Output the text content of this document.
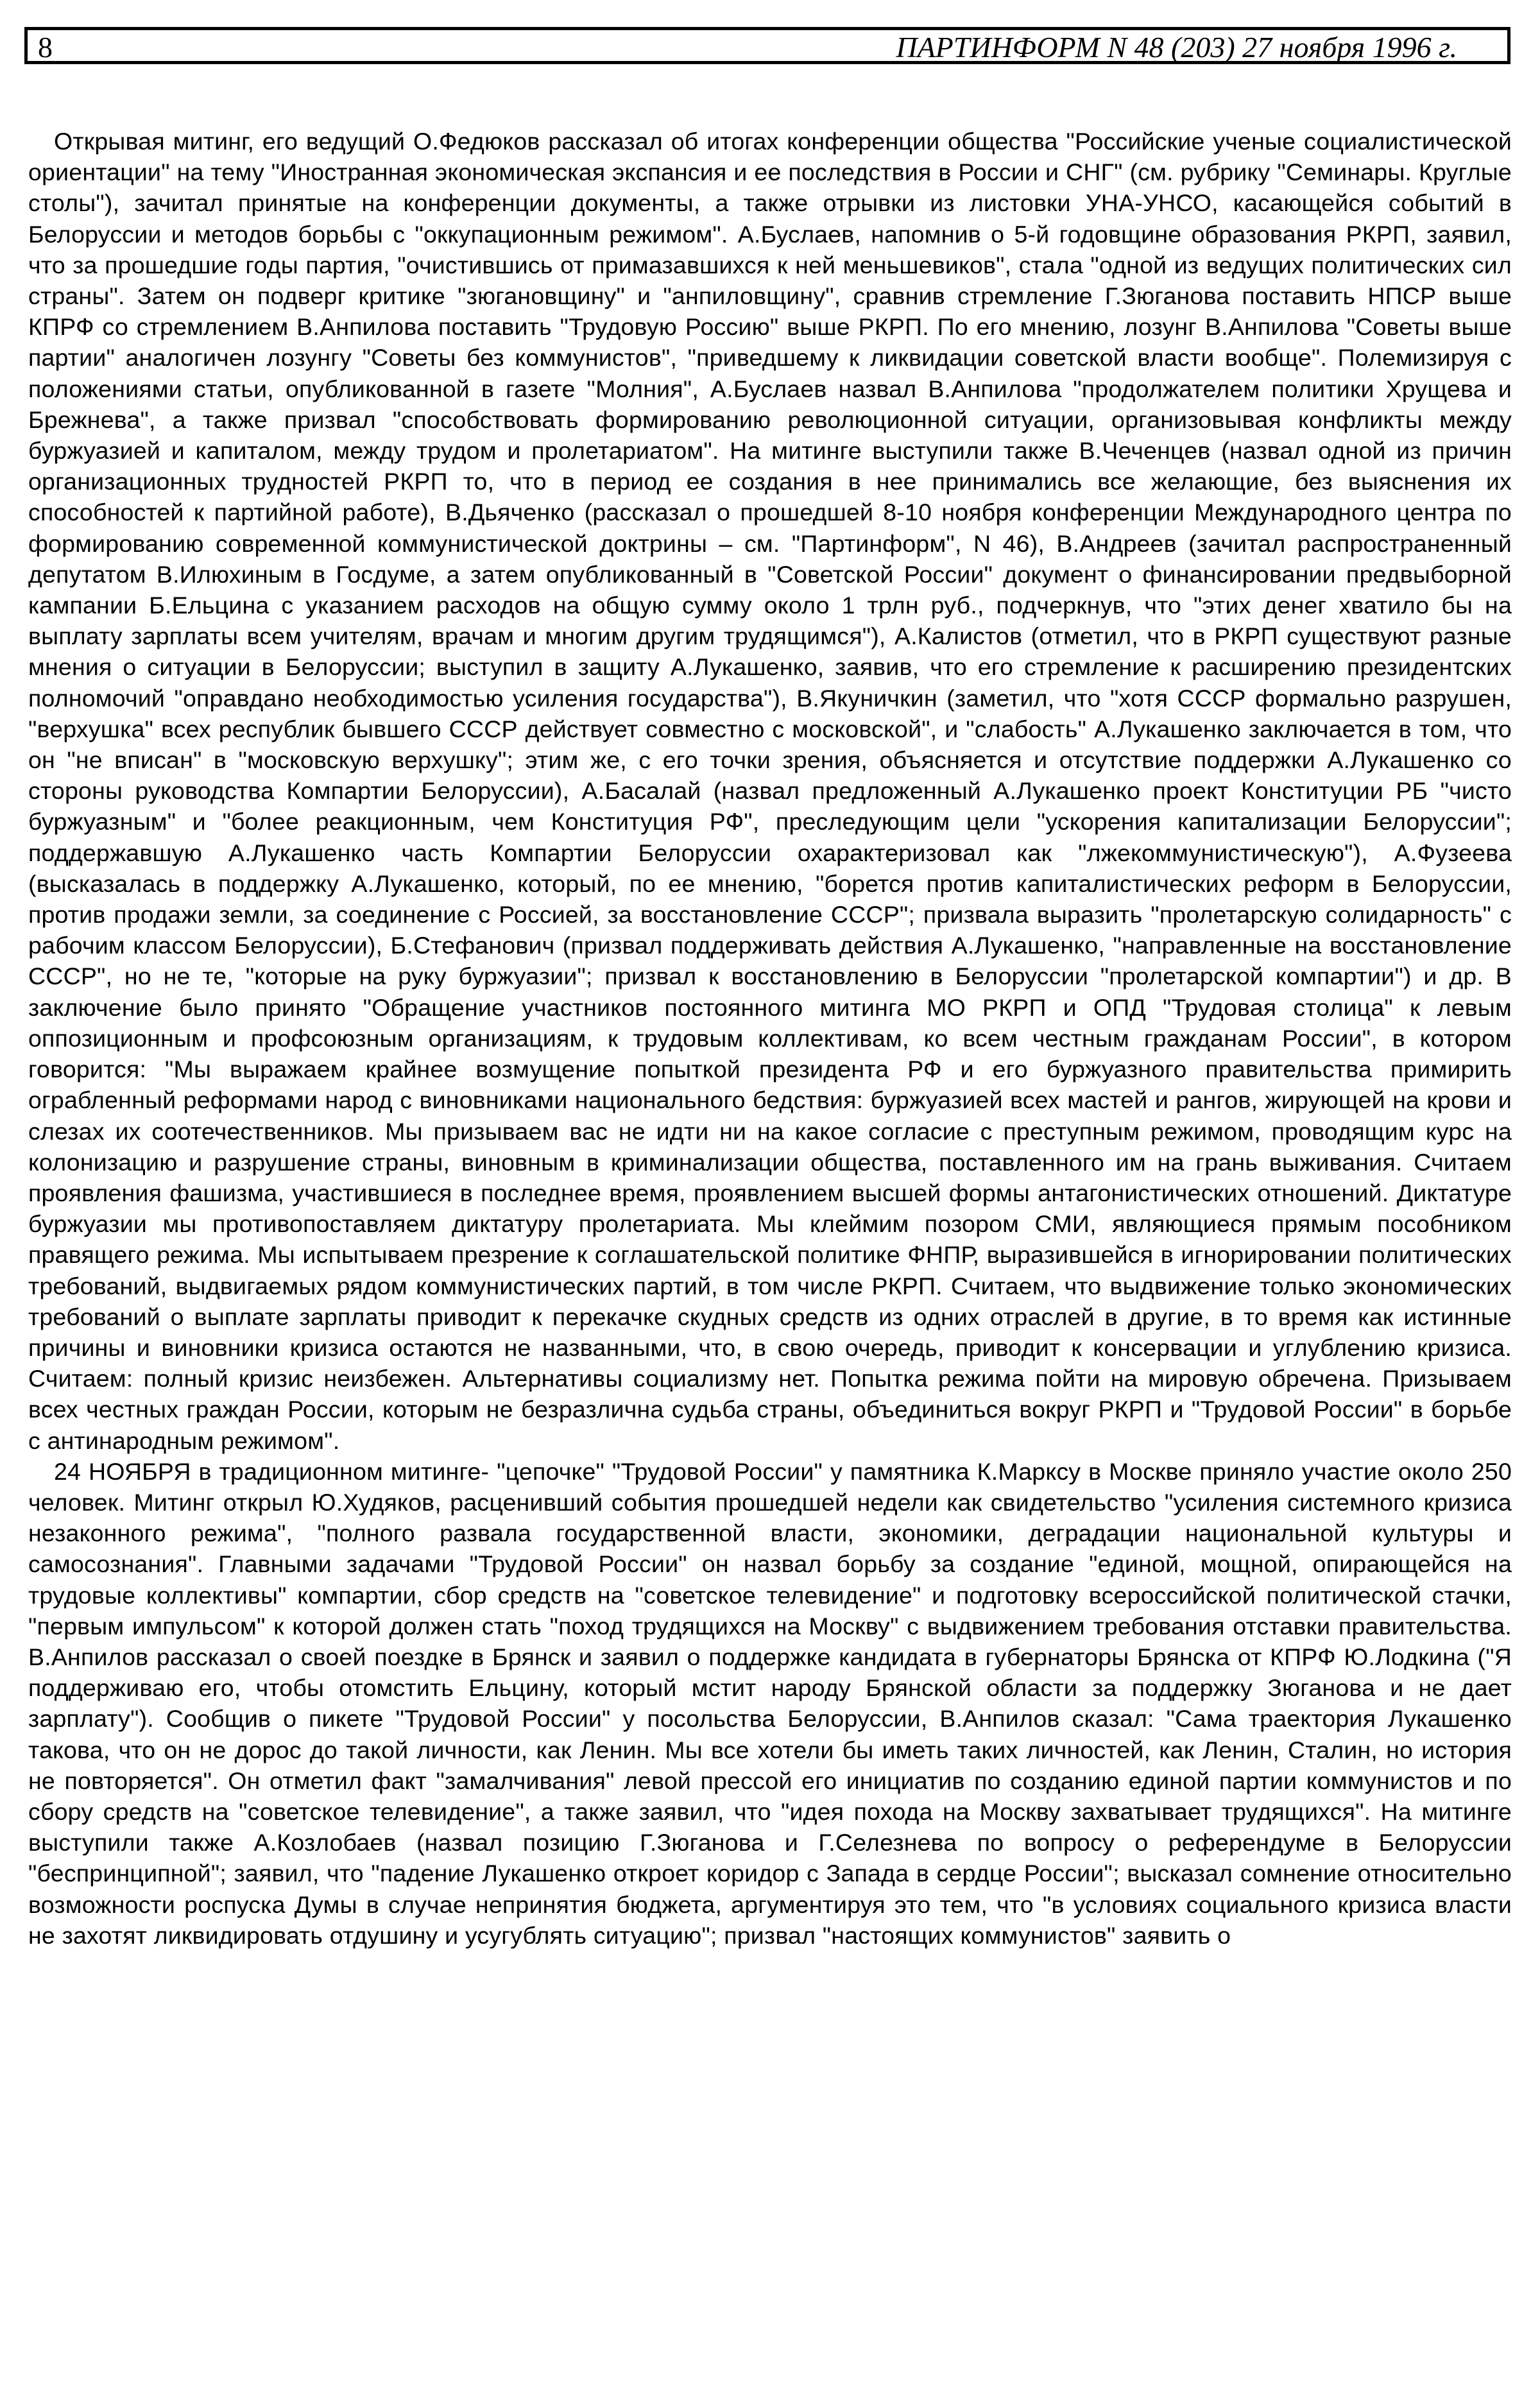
8	ПАРТИНФОРМ N 48 (203) 27 ноября 1996 г.

Открывая митинг, его ведущий О.Федюков рассказал об итогах конференции общества "Российские ученые социалистической ориентации" на тему "Иностранная экономическая экспансия и ее последствия в России и СНГ" (см. рубрику "Семинары. Круглые столы"), зачитал принятые на конференции документы, а также отрывки из листовки УНА-УНСО, касающейся событий в Белоруссии и методов борьбы с "оккупационным режимом". А.Буслаев, напомнив о 5-й годовщине образования РКРП, заявил, что за прошедшие годы партия, "очистившись от примазавшихся к ней меньшевиков", стала "одной из ведущих политических сил страны". Затем он подверг критике "зюгановщину" и "анпиловщину", сравнив стремление Г.Зюганова поставить НПСР выше КПРФ со стремлением В.Анпилова поставить "Трудовую Россию" выше РКРП. По его мнению, лозунг В.Анпилова "Советы выше партии" аналогичен лозунгу "Советы без коммунистов", "приведшему к ликвидации советской власти вообще". Полемизируя с положениями статьи, опубликованной в газете "Молния", А.Буслаев назвал В.Анпилова "продолжателем политики Хрущева и Брежнева", а также призвал "способствовать формированию революционной ситуации, организовывая конфликты между буржуазией и капиталом, между трудом и пролетариатом". На митинге выступили также В.Чеченцев (назвал одной из причин организационных трудностей РКРП то, что в период ее создания в нее принимались все желающие, без выяснения их способностей к партийной работе), В.Дьяченко (рассказал о прошедшей 8-10 ноября конференции Международного центра по формированию современной коммунистической доктрины – см. "Партинформ", N 46), В.Андреев (зачитал распространенный депутатом В.Илюхиным в Госдуме, а затем опубликованный в "Советской России" документ о финансировании предвыборной кампании Б.Ельцина с указанием расходов на общую сумму около 1 трлн руб., подчеркнув, что "этих денег хватило бы на выплату зарплаты всем учителям, врачам и многим другим трудящимся"), А.Калистов (отметил, что в РКРП существуют разные мнения о ситуации в Белоруссии; выступил в защиту А.Лукашенко, заявив, что его стремление к расширению президентских полномочий "оправдано необходимостью усиления государства"), В.Якуничкин (заметил, что "хотя СССР формально разрушен, "верхушка" всех республик бывшего СССР действует совместно с московской", и "слабость" А.Лукашенко заключается в том, что он "не вписан" в "московскую верхушку"; этим же, с его точки зрения, объясняется и отсутствие поддержки А.Лукашенко со стороны руководства Компартии Белоруссии), А.Басалай (назвал предложенный А.Лукашенко проект Конституции РБ "чисто буржуазным" и "более реакционным, чем Конституция РФ", преследующим цели "ускорения капитализации Белоруссии"; поддержавшую А.Лукашенко часть Компартии Белоруссии охарактеризовал как "лжекоммунистическую"), А.Фузеева (высказалась в поддержку А.Лукашенко, который, по ее мнению, "борется против капиталистических реформ в Белоруссии, против продажи земли, за соединение с Россией, за восстановление СССР"; призвала выразить "пролетарскую солидарность" с рабочим классом Белоруссии), Б.Стефанович (призвал поддерживать действия А.Лукашенко, "направленные на восстановление СССР", но не те, "которые на руку буржуазии"; призвал к восстановлению в Белоруссии "пролетарской компартии") и др. В заключение было принято "Обращение участников постоянного митинга МО РКРП и ОПД "Трудовая столица" к левым оппозиционным и профсоюзным организациям, к трудовым коллективам, ко всем честным гражданам России", в котором говорится: "Мы выражаем крайнее возмущение попыткой президента РФ и его буржуазного правительства примирить ограбленный реформами народ с виновниками национального бедствия: буржуазией всех мастей и рангов, жирующей на крови и слезах их соотечественников. Мы призываем вас не идти ни на какое согласие с преступным режимом, проводящим курс на колонизацию и разрушение страны, виновным в криминализации общества, поставленного им на грань выживания. Считаем проявления фашизма, участившиеся в последнее время, проявлением высшей формы антагонистических отношений. Диктатуре буржуазии мы противопоставляем диктатуру пролетариата. Мы клеймим позором СМИ, являющиеся прямым пособником правящего режима. Мы испытываем презрение к соглашательской политике ФНПР, выразившейся в игнорировании политических требований, выдвигаемых рядом коммунистических партий, в том числе РКРП. Считаем, что выдвижение только экономических требований о выплате зарплаты приводит к перекачке скудных средств из одних отраслей в другие, в то время как истинные причины и виновники кризиса остаются не названными, что, в свою очередь, приводит к консервации и углублению кризиса. Считаем: полный кризис неизбежен. Альтернативы социализму нет. Попытка режима пойти на мировую обречена. Призываем всех честных граждан России, которым не безразлична судьба страны, объединиться вокруг РКРП и "Трудовой России" в борьбе с антинародным режимом".

24 НОЯБРЯ в традиционном митинге- "цепочке" "Трудовой России" у памятника К.Марксу в Москве приняло участие около 250 человек. Митинг открыл Ю.Худяков, расценивший события прошедшей недели как свидетельство "усиления системного кризиса незаконного режима", "полного развала государственной власти, экономики, деградации национальной культуры и самосознания". Главными задачами "Трудовой России" он назвал борьбу за создание "единой, мощной, опирающейся на трудовые коллективы" компартии, сбор средств на "советское телевидение" и подготовку всероссийской политической стачки, "первым импульсом" к которой должен стать "поход трудящихся на Москву" с выдвижением требования отставки правительства. В.Анпилов рассказал о своей поездке в Брянск и заявил о поддержке кандидата в губернаторы Брянска от КПРФ Ю.Лодкина ("Я поддерживаю его, чтобы отомстить Ельцину, который мстит народу Брянской области за поддержку Зюганова и не дает зарплату"). Сообщив о пикете "Трудовой России" у посольства Белоруссии, В.Анпилов сказал: "Сама траектория Лукашенко такова, что он не дорос до такой личности, как Ленин. Мы все хотели бы иметь таких личностей, как Ленин, Сталин, но история не повторяется". Он отметил факт "замалчивания" левой прессой его инициатив по созданию единой партии коммунистов и по сбору средств на "советское телевидение", а также заявил, что "идея похода на Москву захватывает трудящихся". На митинге выступили также А.Козлобаев (назвал позицию Г.Зюганова и Г.Селезнева по вопросу о референдуме в Белоруссии "беспринципной"; заявил, что "падение Лукашенко откроет коридор с Запада в сердце России"; высказал сомнение относительно возможности роспуска Думы в случае непринятия бюджета, аргументируя это тем, что "в условиях социального кризиса власти не захотят ликвидировать отдушину и усугублять ситуацию"; призвал "настоящих коммунистов" заявить о
